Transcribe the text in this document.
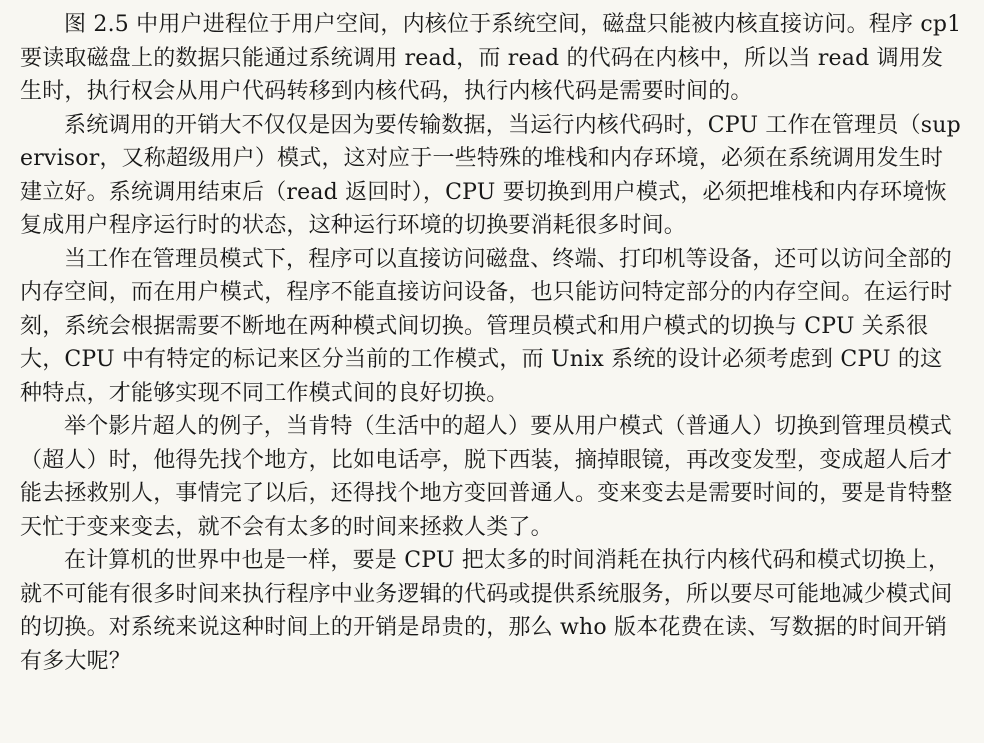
图 2.5 中用户进程位于用户空间，内核位于系统空间，磁盘只能被内核直接访问。程序 cp1 要读取磁盘上的数据只能通过系统调用 read，而 read 的代码在内核中，所以当 read 调用发生时，执行权会从用户代码转移到内核代码，执行内核代码是需要时间的。

系统调用的开销大不仅仅是因为要传输数据，当运行内核代码时，CPU 工作在管理员（supervisor，又称超级用户）模式，这对应于一些特殊的堆栈和内存环境，必须在系统调用发生时建立好。系统调用结束后（read 返回时），CPU 要切换到用户模式，必须把堆栈和内存环境恢复成用户程序运行时的状态，这种运行环境的切换要消耗很多时间。

当工作在管理员模式下，程序可以直接访问磁盘、终端、打印机等设备，还可以访问全部的内存空间，而在用户模式，程序不能直接访问设备，也只能访问特定部分的内存空间。在运行时刻，系统会根据需要不断地在两种模式间切换。管理员模式和用户模式的切换与 CPU 关系很大，CPU 中有特定的标记来区分当前的工作模式，而 Unix 系统的设计必须考虑到 CPU 的这种特点，才能够实现不同工作模式间的良好切换。

举个影片超人的例子，当肯特（生活中的超人）要从用户模式（普通人）切换到管理员模式（超人）时，他得先找个地方，比如电话亭，脱下西装，摘掉眼镜，再改变发型，变成超人后才能去拯救别人，事情完了以后，还得找个地方变回普通人。变来变去是需要时间的，要是肯特整天忙于变来变去，就不会有太多的时间来拯救人类了。

在计算机的世界中也是一样，要是 CPU 把太多的时间消耗在执行内核代码和模式切换上，就不可能有很多时间来执行程序中业务逻辑的代码或提供系统服务，所以要尽可能地减少模式间的切换。对系统来说这种时间上的开销是昂贵的，那么 who 版本花费在读、写数据的时间开销有多大呢？
